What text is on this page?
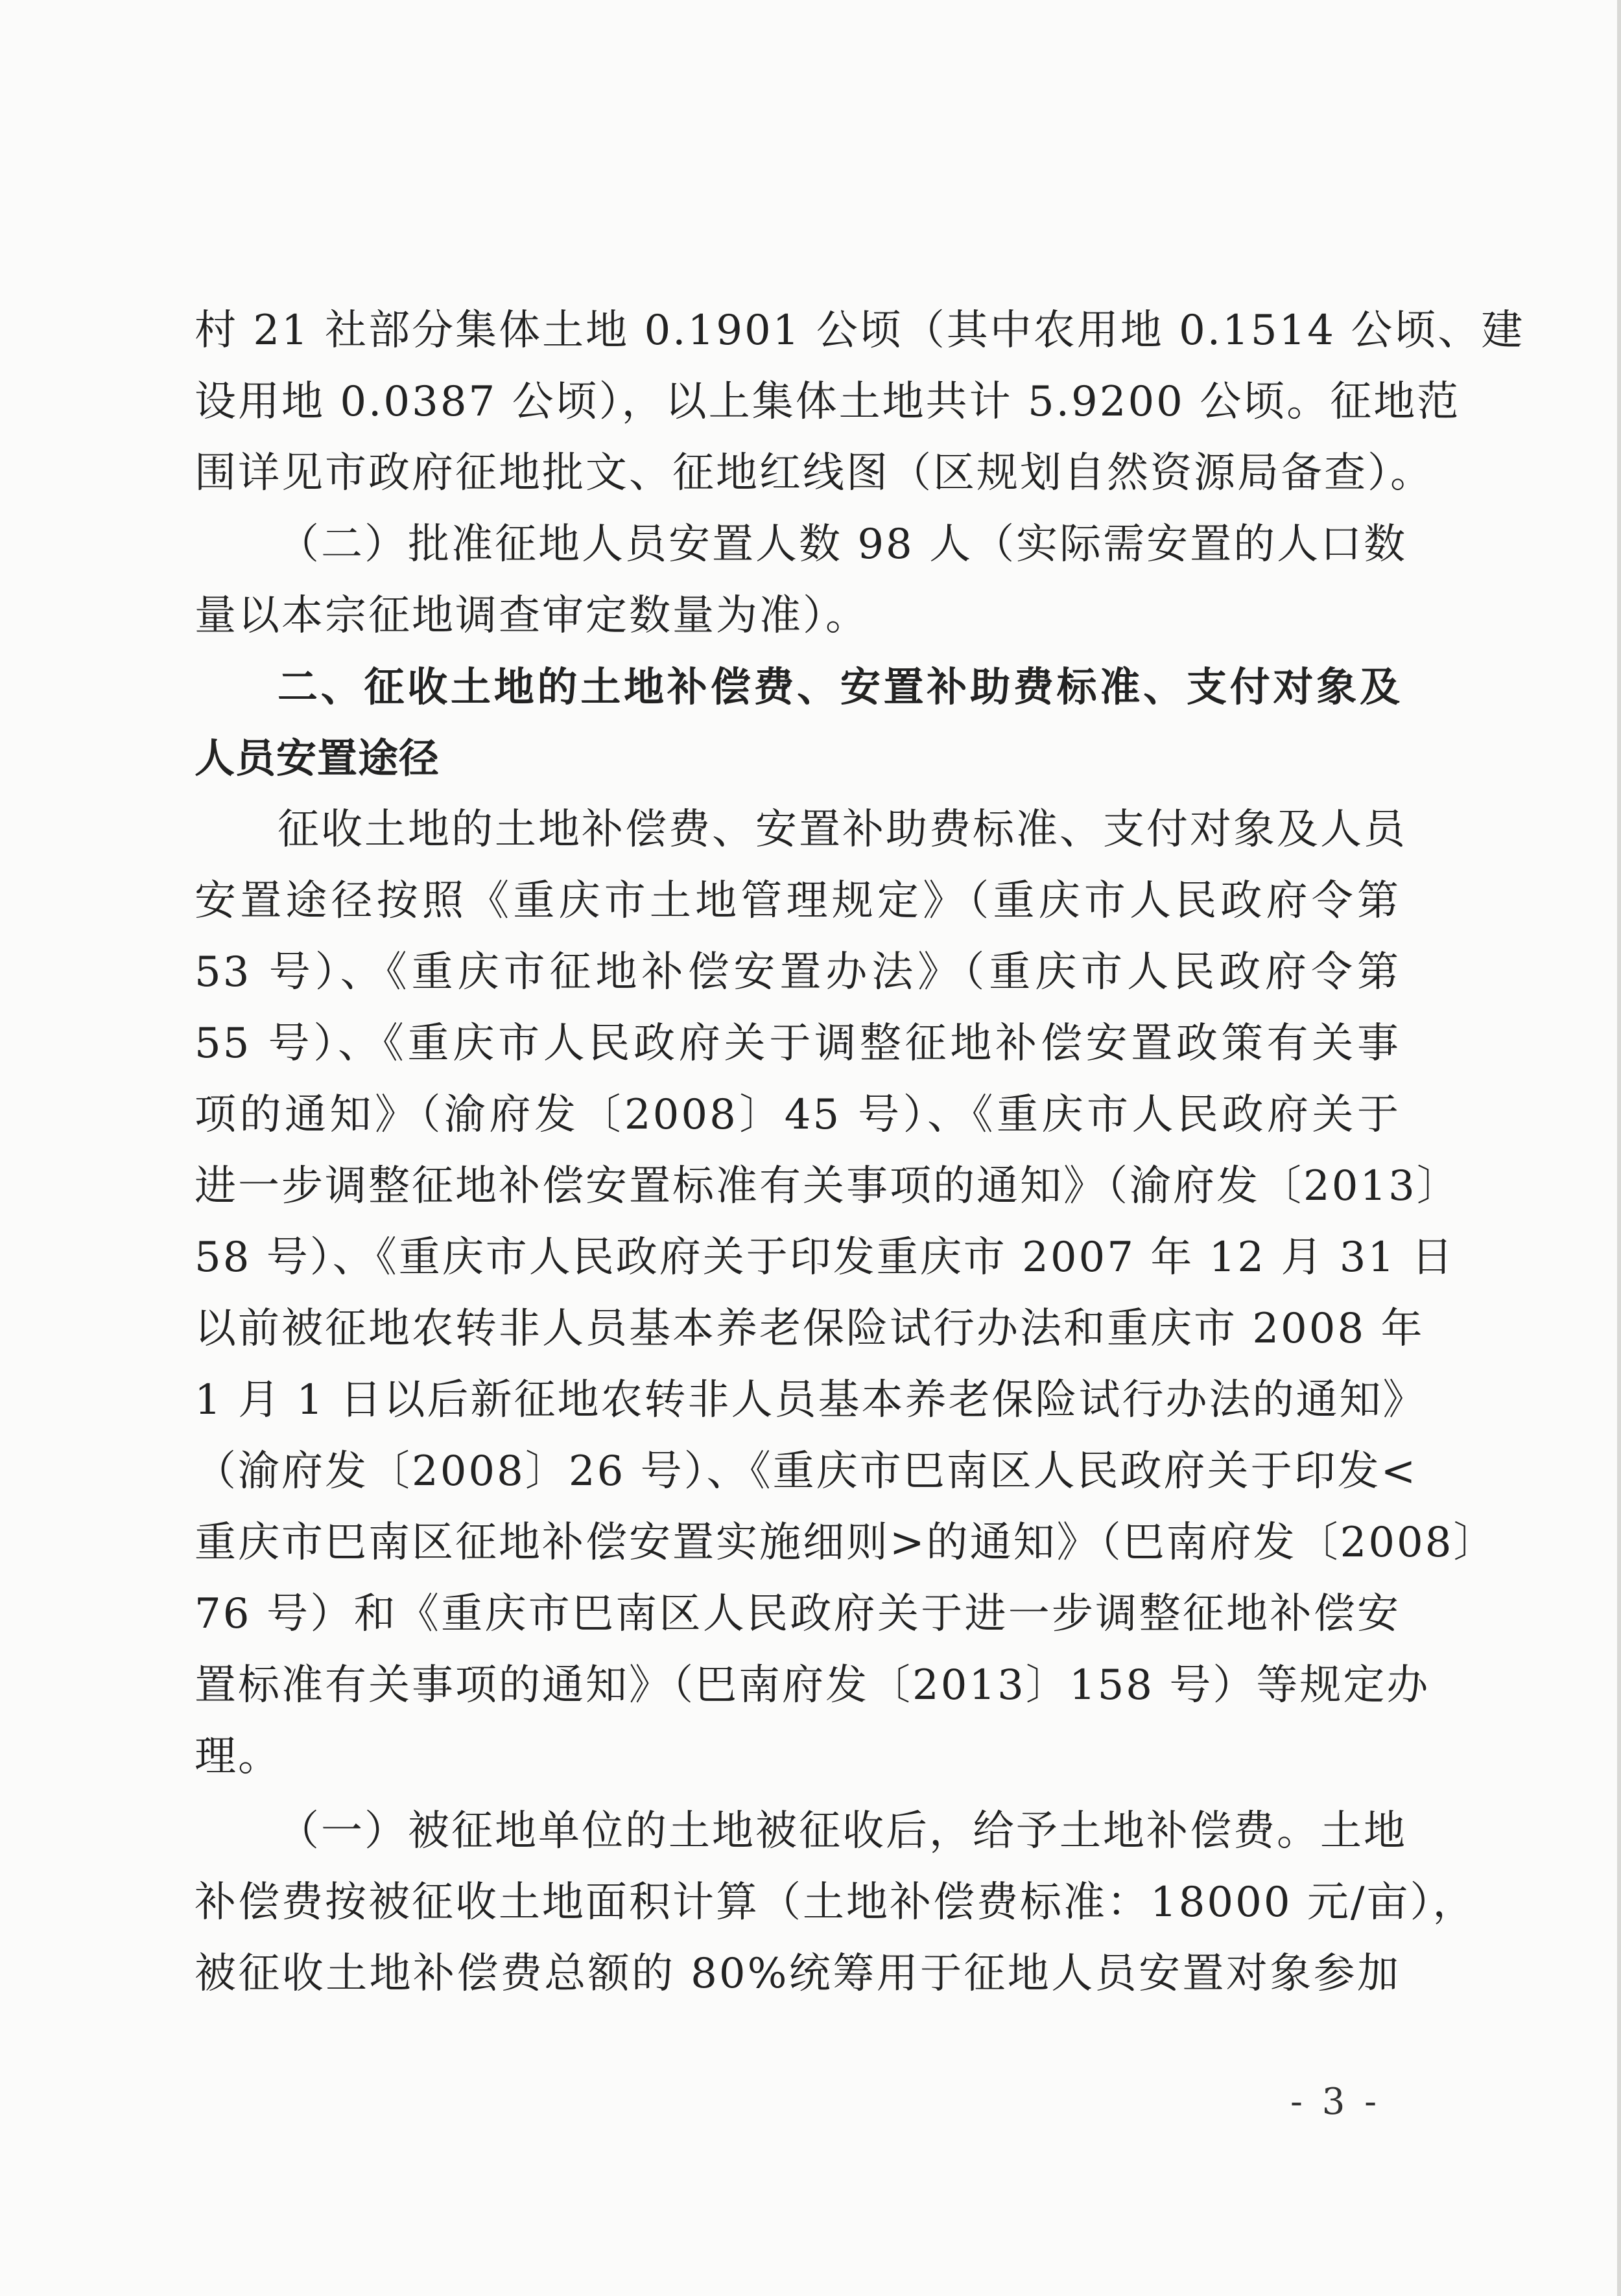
村 21 社部分集体土地 0.1901 公顷（其中农用地 0.1514 公顷、建
设用地 0.0387 公顷），以上集体土地共计 5.9200 公顷。征地范
围详见市政府征地批文、征地红线图（区规划自然资源局备查）。
（二）批准征地人员安置人数 98 人（实际需安置的人口数
量以本宗征地调查审定数量为准）。
二、征收土地的土地补偿费、安置补助费标准、支付对象及
人员安置途径
征收土地的土地补偿费、安置补助费标准、支付对象及人员
安置途径按照《重庆市土地管理规定》（重庆市人民政府令第
53 号）、《重庆市征地补偿安置办法》（重庆市人民政府令第
55 号）、《重庆市人民政府关于调整征地补偿安置政策有关事
项的通知》（渝府发〔2008〕45 号）、《重庆市人民政府关于
进一步调整征地补偿安置标准有关事项的通知》（渝府发〔2013〕
58 号）、《重庆市人民政府关于印发重庆市 2007 年 12 月 31 日
以前被征地农转非人员基本养老保险试行办法和重庆市 2008 年
1 月 1 日以后新征地农转非人员基本养老保险试行办法的通知》
（渝府发〔2008〕26 号）、《重庆市巴南区人民政府关于印发<
重庆市巴南区征地补偿安置实施细则>的通知》（巴南府发〔2008〕
76 号）和《重庆市巴南区人民政府关于进一步调整征地补偿安
置标准有关事项的通知》（巴南府发〔2013〕158 号）等规定办
理。
（一）被征地单位的土地被征收后，给予土地补偿费。土地
补偿费按被征收土地面积计算（土地补偿费标准：18000 元/亩），
被征收土地补偿费总额的 80%统筹用于征地人员安置对象参加
- 3 -
